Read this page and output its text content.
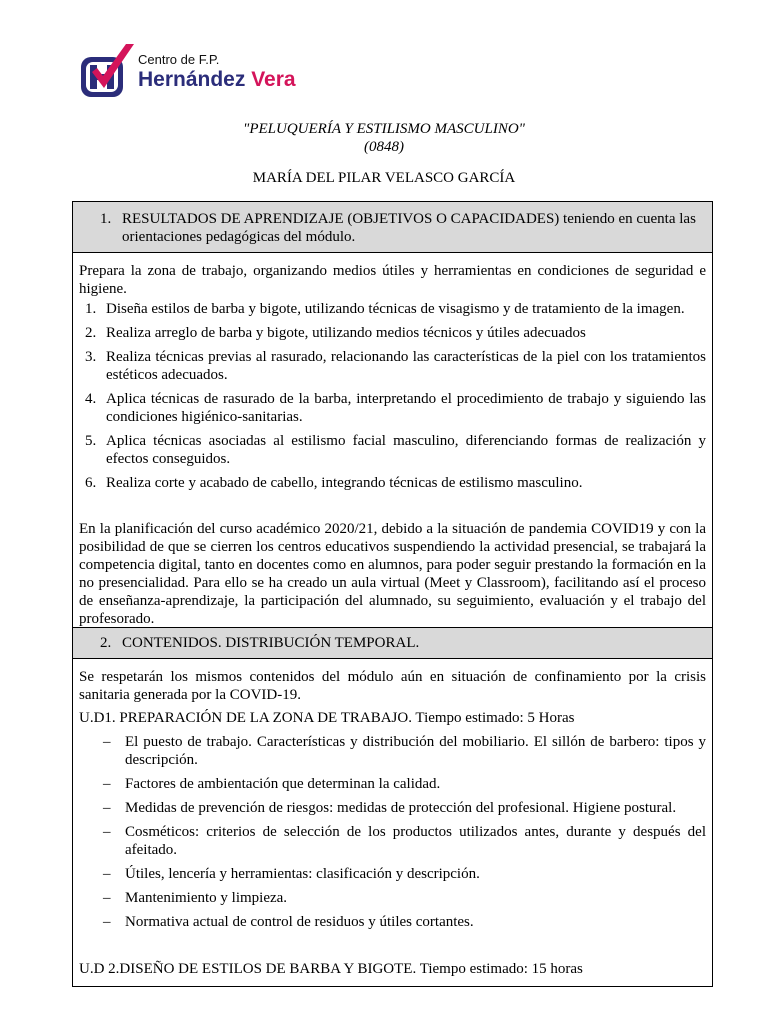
Centro de F.P.
Hernández Vera
"PELUQUERÍA Y ESTILISMO MASCULINO"
(0848)
MARÍA DEL PILAR VELASCO GARCÍA
1. RESULTADOS DE APRENDIZAJE (OBJETIVOS O CAPACIDADES) teniendo en cuenta las orientaciones pedagógicas del módulo.
Prepara la zona de trabajo, organizando medios útiles y herramientas en condiciones de seguridad e higiene.
1. Diseña estilos de barba y bigote, utilizando técnicas de visagismo y de tratamiento de la imagen.
2. Realiza arreglo de barba y bigote, utilizando medios técnicos y útiles adecuados
3. Realiza técnicas previas al rasurado, relacionando las características de la piel con los tratamientos estéticos adecuados.
4. Aplica técnicas de rasurado de la barba, interpretando el procedimiento de trabajo y siguiendo las condiciones higiénico-sanitarias.
5. Aplica técnicas asociadas al estilismo facial masculino, diferenciando formas de realización y efectos conseguidos.
6. Realiza corte y acabado de cabello, integrando técnicas de estilismo masculino.
En la planificación del curso académico 2020/21, debido a la situación de pandemia COVID19 y con la posibilidad de que se cierren los centros educativos suspendiendo la actividad presencial, se trabajará la competencia digital, tanto en docentes como en alumnos, para poder seguir prestando la formación en la no presencialidad. Para ello se ha creado un aula virtual (Meet y Classroom), facilitando así el proceso de enseñanza-aprendizaje, la participación del alumnado, su seguimiento, evaluación y el trabajo del profesorado.
2. CONTENIDOS. DISTRIBUCIÓN TEMPORAL.
Se respetarán los mismos contenidos del módulo aún en situación de confinamiento por la crisis sanitaria generada por la COVID-19.
U.D1. PREPARACIÓN DE LA ZONA DE TRABAJO. Tiempo estimado: 5 Horas
– El puesto de trabajo. Características y distribución del mobiliario. El sillón de barbero: tipos y descripción.
– Factores de ambientación que determinan la calidad.
– Medidas de prevención de riesgos: medidas de protección del profesional. Higiene postural.
– Cosméticos: criterios de selección de los productos utilizados antes, durante y después del afeitado.
– Útiles, lencería y herramientas: clasificación y descripción.
– Mantenimiento y limpieza.
– Normativa actual de control de residuos y útiles cortantes.
U.D 2.DISEÑO DE ESTILOS DE BARBA Y BIGOTE. Tiempo estimado: 15 horas
